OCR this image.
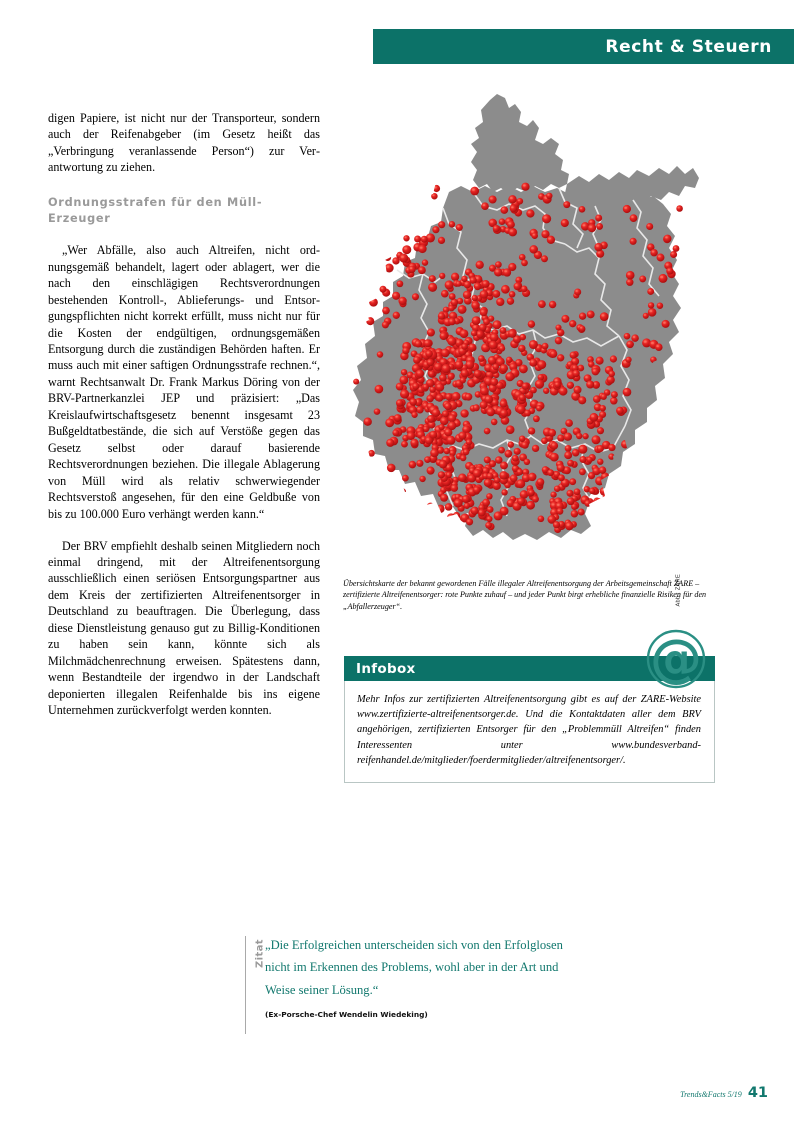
Recht & Steuern

digen Papiere, ist nicht nur der Transporteur, sondern auch der Reifenabgeber (im Gesetz heißt das „Verbringung veranlassende Person“) zur Verantwortung zu ziehen.

Ordnungsstrafen für den Müll-Erzeuger

„Wer Abfälle, also auch Altreifen, nicht ordnungsgemäß behandelt, lagert oder ablagert, wer die nach den einschlägigen Rechtsverordnungen bestehenden Kontroll-, Ablieferungs- und Entsorgungspflichten nicht korrekt erfüllt, muss nicht nur für die Kosten der endgültigen, ordnungsgemäßen Entsorgung durch die zuständigen Behörden haften. Er muss auch mit einer saftigen Ordnungsstrafe rechnen.“, warnt Rechtsanwalt Dr. Frank Markus Döring von der BRV-Partnerkanzlei JEP und präzisiert: „Das Kreislaufwirtschaftsgesetz benennt insgesamt 23 Bußgeldtatbestände, die sich auf Verstöße gegen das Gesetz selbst oder darauf basierende Rechtsverordnungen beziehen. Die illegale Ablagerung von Müll wird als relativ schwerwiegender Rechtsverstoß angesehen, für den eine Geldbuße von bis zu 100.000 Euro verhängt werden kann.“

Der BRV empfiehlt deshalb seinen Mitgliedern noch einmal dringend, mit der Altreifenentsorgung ausschließlich einen seriösen Entsorgungspartner aus dem Kreis der zertifizierten Altreifenentsorger in Deutschland zu beauftragen. Die Überlegung, dass diese Dienstleistung genauso gut zu Billig-Konditionen zu haben sein kann, könnte sich als Milchmädchenrechnung erweisen. Spätestens dann, wenn Bestandteile der irgendwo in der Landschaft deponierten illegalen Reifenhalde bis ins eigene Unternehmen zurückverfolgt werden konnten.

Abb.: ZARE
Übersichtskarte der bekannt gewordenen Fälle illegaler Altreifenentsorgung der Arbeitsgemeinschaft ZARE – zertifizierte Altreifenentsorger: rote Punkte zuhauf – und jeder Punkt birgt erhebliche finanzielle Risiken für den „Abfallerzeuger“.
Infobox
Mehr Infos zur zertifizierten Altreifenentsorgung gibt es auf der ZARE-Website www.zertifizierte-altreifenentsorger.de. Und die Kontaktdaten aller dem BRV angehörigen, zertifizierten Entsorger für den „Problemmüll Altreifen“ finden Interessenten unter www.bundesverband-reifenhandel.de/mitglieder/foerdermitglieder/altreifenentsorger/.
@
Zitat „Die Erfolgreichen unterscheiden sich von den Erfolglosen nicht im Erkennen des Problems, wohl aber in der Art und Weise seiner Lösung.“
(Ex-Porsche-Chef Wendelin Wiedeking)
Trends&Facts 5/19 41
